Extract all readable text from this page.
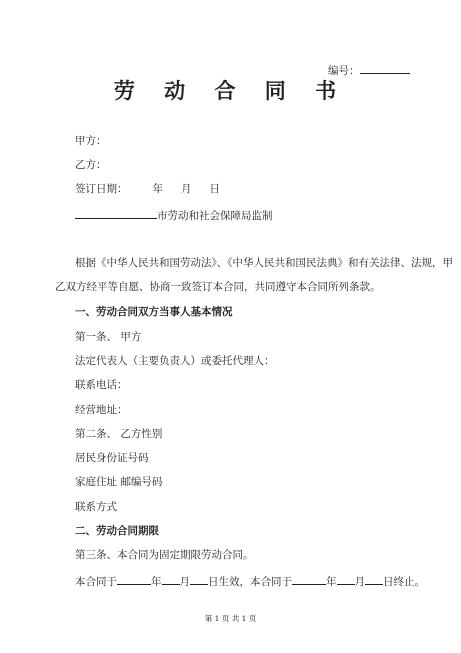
编号：
劳 动 合 同 书
甲方：
乙方：
签订日期： 年 月 日
市劳动和社会保障局监制
根据《中华人民共和国劳动法》、《中华人民共和国民法典》和有关法律、法规，甲
乙双方经平等自愿、协商一致签订本合同，共同遵守本合同所列条款。
一、劳动合同双方当事人基本情况
第一条、 甲方
法定代表人（主要负责人）或委托代理人：
联系电话：
经营地址：
第二条、 乙方性别
居民身份证号码
家庭住址 邮编号码
联系方式
二、劳动合同期限
第三条、本合同为固定期限劳动合同。
本合同于	年 月 日生效，本合同于	年 月 日终止。
第 1 页 共 1 页
